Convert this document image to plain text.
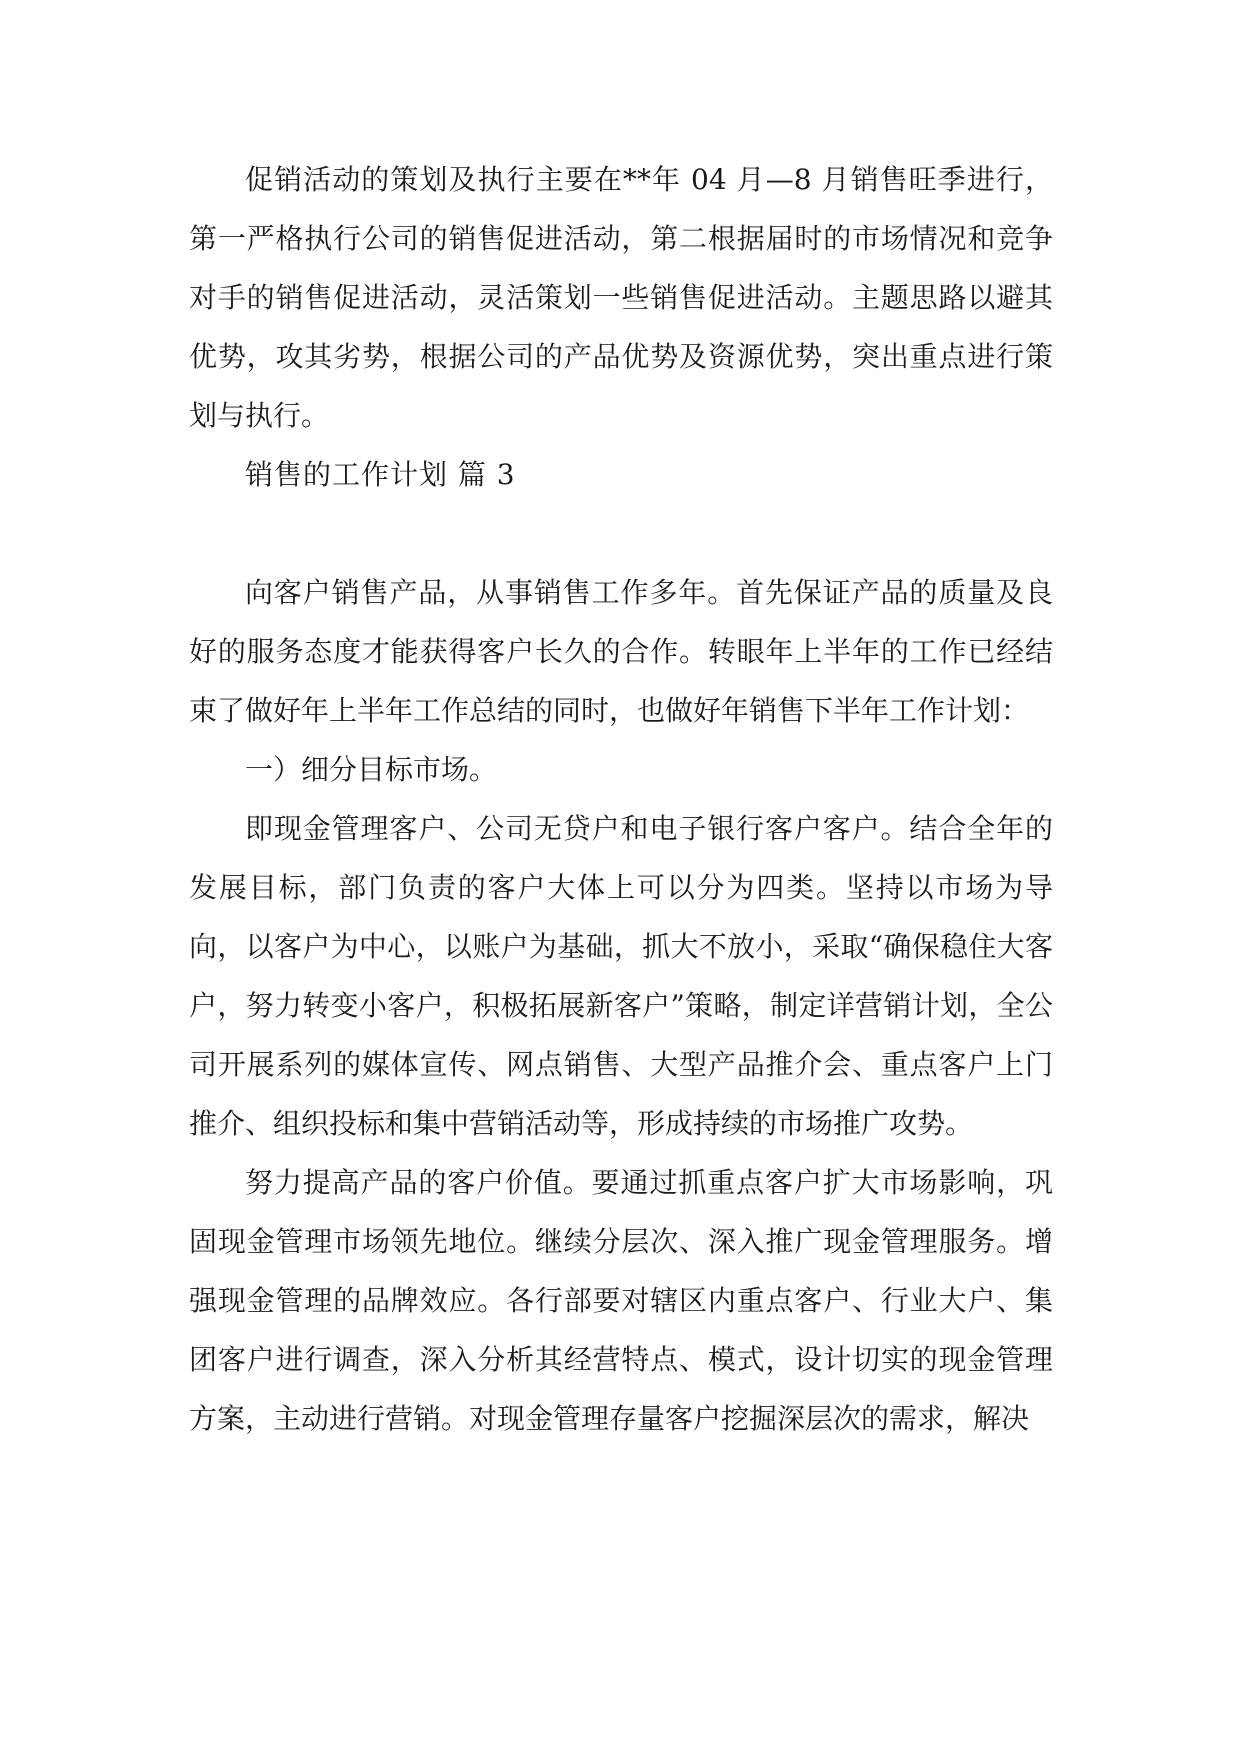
促销活动的策划及执行主要在**年 04 月—8 月销售旺季进行，第一严格执行公司的销售促进活动，第二根据届时的市场情况和竞争对手的销售促进活动，灵活策划一些销售促进活动。主题思路以避其优势，攻其劣势，根据公司的产品优势及资源优势，突出重点进行策划与执行。

销售的工作计划 篇 3

向客户销售产品，从事销售工作多年。首先保证产品的质量及良好的服务态度才能获得客户长久的合作。转眼年上半年的工作已经结束了做好年上半年工作总结的同时，也做好年销售下半年工作计划：

一）细分目标市场。

即现金管理客户、公司无贷户和电子银行客户客户。结合全年的发展目标，部门负责的客户大体上可以分为四类。坚持以市场为导向，以客户为中心，以账户为基础，抓大不放小，采取“确保稳住大客户，努力转变小客户，积极拓展新客户”策略，制定详营销计划，全公司开展系列的媒体宣传、网点销售、大型产品推介会、重点客户上门推介、组织投标和集中营销活动等，形成持续的市场推广攻势。

努力提高产品的客户价值。要通过抓重点客户扩大市场影响，巩固现金管理市场领先地位。继续分层次、深入推广现金管理服务。增强现金管理的品牌效应。各行部要对辖区内重点客户、行业大户、集团客户进行调查，深入分析其经营特点、模式，设计切实的现金管理方案，主动进行营销。对现金管理存量客户挖掘深层次的需求，解决
